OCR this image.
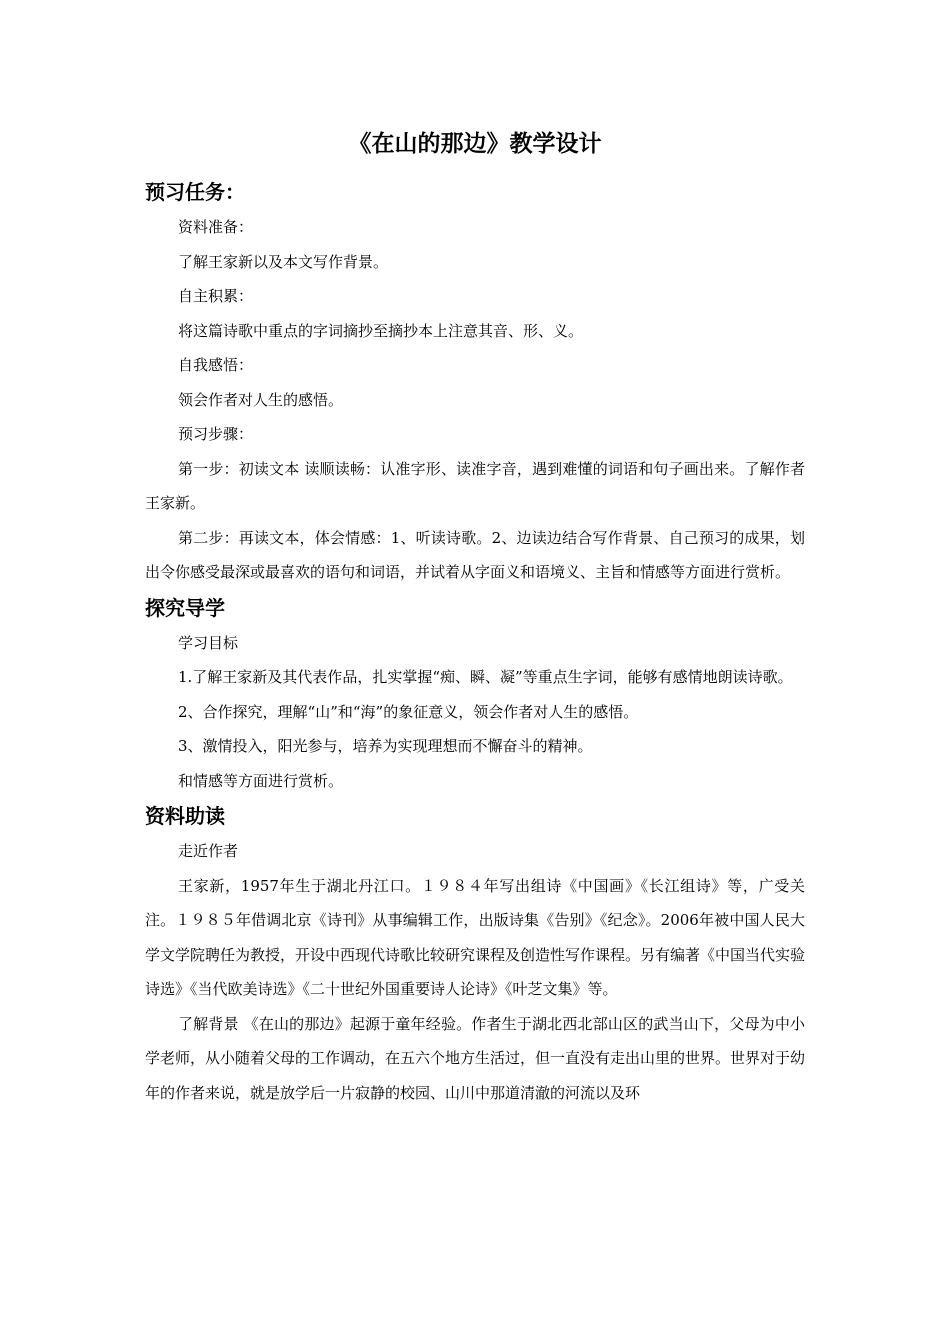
《在山的那边》教学设计
预习任务：

资料准备：

了解王家新以及本文写作背景。

自主积累：

将这篇诗歌中重点的字词摘抄至摘抄本上注意其音、形、义。

自我感悟：

领会作者对人生的感悟。

预习步骤：

第一步：初读文本 读顺读畅：认准字形、读准字音，遇到难懂的词语和句子画出来。了解作者王家新。

第二步：再读文本，体会情感：1、听读诗歌。2、边读边结合写作背景、自己预习的成果，划出令你感受最深或最喜欢的语句和词语，并试着从字面义和语境义、主旨和情感等方面进行赏析。

探究导学

学习目标

1.了解王家新及其代表作品，扎实掌握“痴、瞬、凝”等重点生字词，能够有感情地朗读诗歌。

2、合作探究，理解“山”和“海”的象征意义，领会作者对人生的感悟。

3、激情投入，阳光参与，培养为实现理想而不懈奋斗的精神。

和情感等方面进行赏析。

资料助读

走近作者

王家新，1957年生于湖北丹江口。１９８４年写出组诗《中国画》《长江组诗》等，广受关注。１９８５年借调北京《诗刊》从事编辑工作，出版诗集《告别》《纪念》。2006年被中国人民大学文学院聘任为教授，开设中西现代诗歌比较研究课程及创造性写作课程。另有编著《中国当代实验诗选》《当代欧美诗选》《二十世纪外国重要诗人论诗》《叶芝文集》等。

了解背景 《在山的那边》起源于童年经验。作者生于湖北西北部山区的武当山下，父母为中小学老师，从小随着父母的工作调动，在五六个地方生活过，但一直没有走出山里的世界。世界对于幼年的作者来说，就是放学后一片寂静的校园、山川中那道清澈的河流以及环
